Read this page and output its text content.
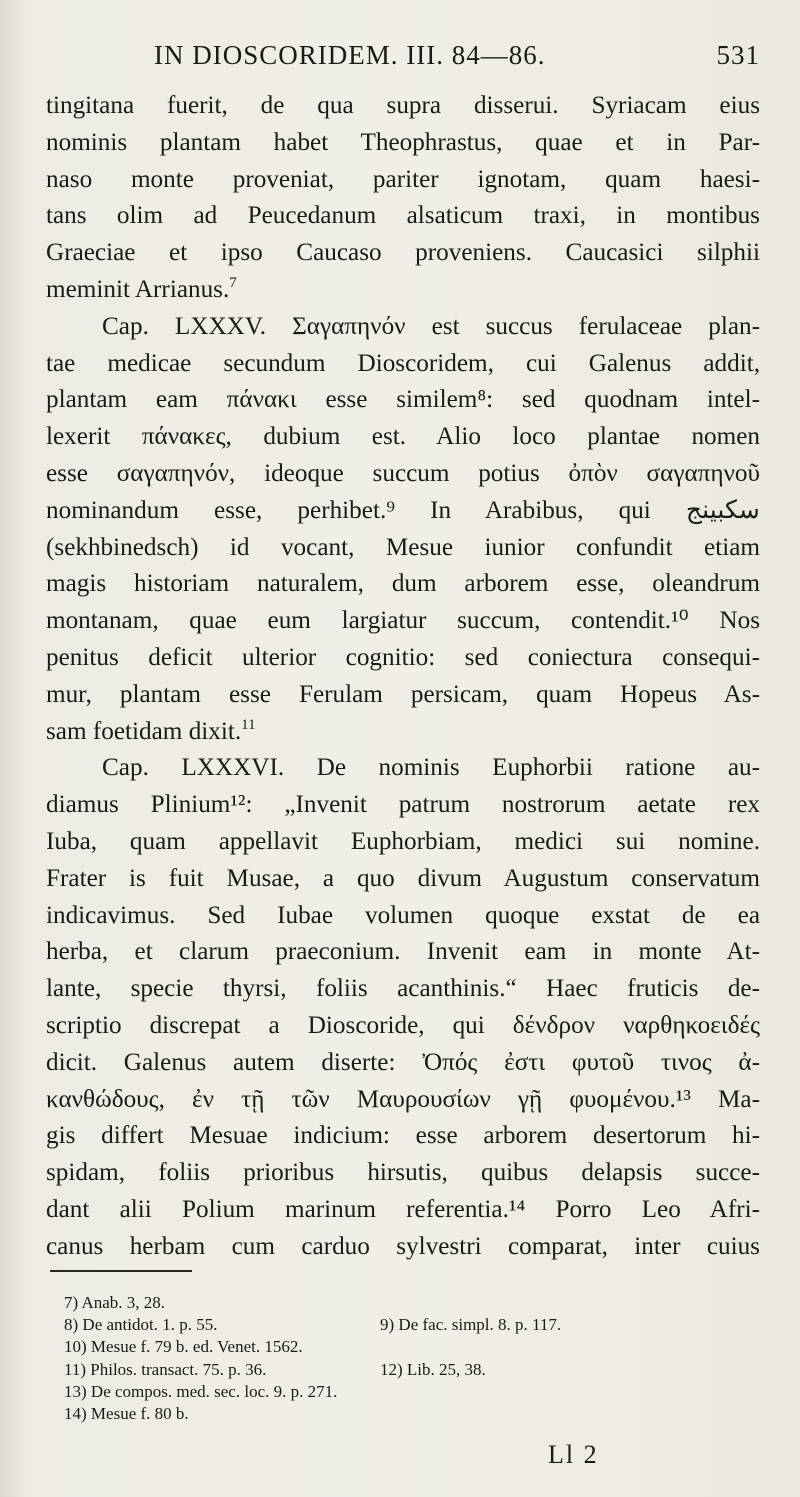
IN DIOSCORIDEM. III. 84—86.	531
tingitana fuerit, de qua supra disserui. Syriacam eius
nominis plantam habet Theophrastus, quae et in Par-
naso monte proveniat, pariter ignotam, quam haesi-
tans olim ad Peucedanum alsaticum traxi, in montibus
Graeciae et ipso Caucaso proveniens. Caucasici silphii
meminit Arrianus.$^7$
Cap. LXXXV. Σαγαπηνόν est succus ferulaceae plan-
tae medicae secundum Dioscoridem, cui Galenus addit,
plantam eam πάνακι esse similem⁸: sed quodnam intel-
lexerit πάνακες, dubium est. Alio loco plantae nomen
esse σαγαπηνόν, ideoque succum potius ὀπὸν σαγαπηνοῦ
nominandum esse, perhibet.⁹ In Arabibus, qui سكبينج
(sekhbinedsch) id vocant, Mesue iunior confundit etiam
magis historiam naturalem, dum arborem esse, oleandrum
montanam, quae eum largiatur succum, contendit.¹⁰ Nos
penitus deficit ulterior cognitio: sed coniectura consequi-
mur, plantam esse Ferulam persicam, quam Hopeus As-
sam foetidam dixit.$^{11}$
Cap. LXXXVI. De nominis Euphorbii ratione au-
diamus Plinium¹²: „Invenit patrum nostrorum aetate rex
Iuba, quam appellavit Euphorbiam, medici sui nomine.
Frater is fuit Musae, a quo divum Augustum conservatum
indicavimus. Sed Iubae volumen quoque exstat de ea
herba, et clarum praeconium. Invenit eam in monte At-
lante, specie thyrsi, foliis acanthinis.“ Haec fruticis de-
scriptio discrepat a Dioscoride, qui δένδρον ναρθηκοειδές
dicit. Galenus autem diserte: Ὀπός ἐστι φυτοῦ τινος ἀ-
κανθώδους, ἐν τῇ τῶν Μαυρουσίων γῇ φυομένου.¹³ Ma-
gis differt Mesuae indicium: esse arborem desertorum hi-
spidam, foliis prioribus hirsutis, quibus delapsis succe-
dant alii Polium marinum referentia.¹⁴ Porro Leo Afri-
canus herbam cum carduo sylvestri comparat, inter cuius
7) Anab. 3, 28.
8) De antidot. 1. p. 55.	9) De fac. simpl. 8. p. 117.
10) Mesue f. 79 b. ed. Venet. 1562.
11) Philos. transact. 75. p. 36.	12) Lib. 25, 38.
13) De compos. med. sec. loc. 9. p. 271.
14) Mesue f. 80 b.
Ll 2
